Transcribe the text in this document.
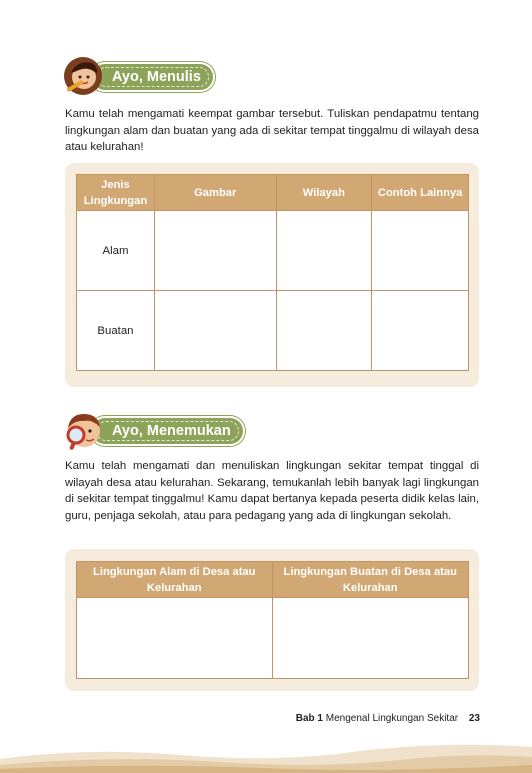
Ayo, Menulis

Kamu telah mengamati keempat gambar tersebut. Tuliskan pendapatmu tentang lingkungan alam dan buatan yang ada di sekitar tempat tinggalmu di wilayah desa atau kelurahan!

Jenis Lingkungan	Gambar	Wilayah	Contoh Lainnya
Alam			
Buatan			
Ayo, Menemukan

Kamu telah mengamati dan menuliskan lingkungan sekitar tempat tinggal di wilayah desa atau kelurahan. Sekarang, temukanlah lebih banyak lagi lingkungan di sekitar tempat tinggalmu! Kamu dapat bertanya kepada peserta didik kelas lain, guru, penjaga sekolah, atau para pedagang yang ada di lingkungan sekolah.

Lingkungan Alam di Desa atau Kelurahan	Lingkungan Buatan di Desa atau Kelurahan

Bab 1 Mengenal Lingkungan Sekitar 23
